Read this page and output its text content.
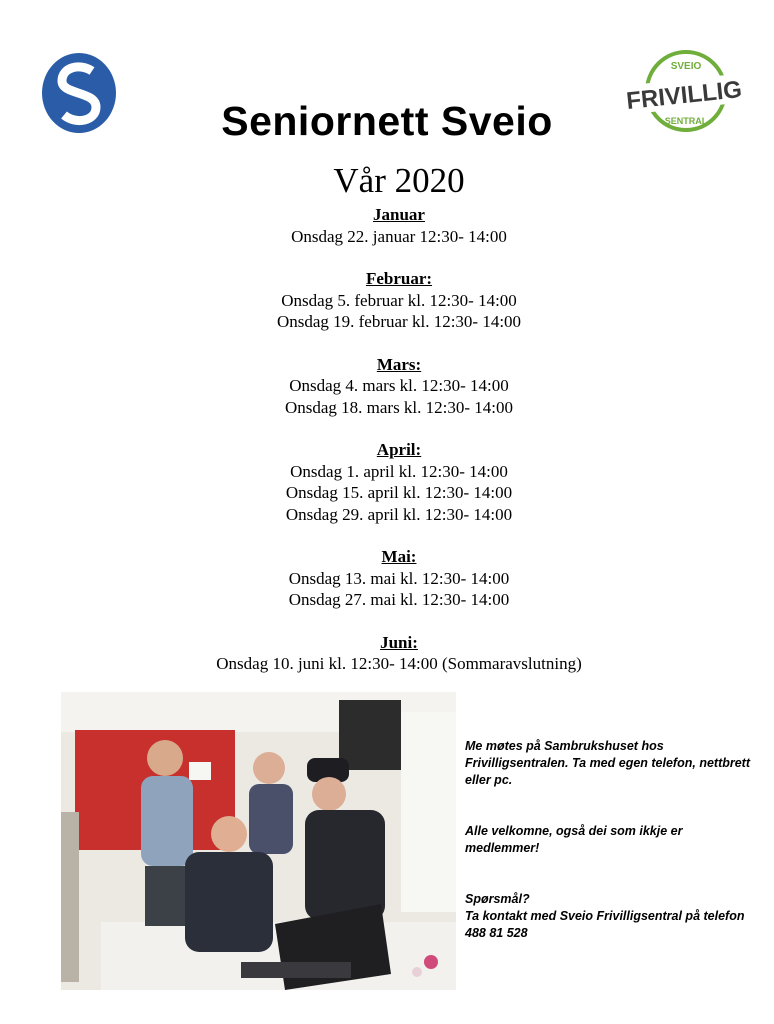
SVEIO
FRIVILLIG
SENTRAL
Seniornett Sveio
Vår 2020
Januar
Onsdag 22. januar 12:30- 14:00
Februar:
Onsdag 5. februar kl. 12:30- 14:00
Onsdag 19. februar kl. 12:30- 14:00
Mars:
Onsdag 4. mars kl. 12:30- 14:00
Onsdag 18. mars kl. 12:30- 14:00
April:
Onsdag 1. april kl. 12:30- 14:00
Onsdag 15. april kl. 12:30- 14:00
Onsdag 29. april kl. 12:30- 14:00
Mai:
Onsdag 13. mai kl. 12:30- 14:00
Onsdag 27. mai kl. 12:30- 14:00
Juni:
Onsdag 10. juni kl. 12:30- 14:00 (Sommaravslutning)

Me møtes på Sambrukshuset hos Frivilligsentralen. Ta med egen telefon, nettbrett eller pc.

Alle velkomne, også dei som ikkje er medlemmer!

Spørsmål?
Ta kontakt med Sveio Frivilligsentral på telefon 488 81 528
